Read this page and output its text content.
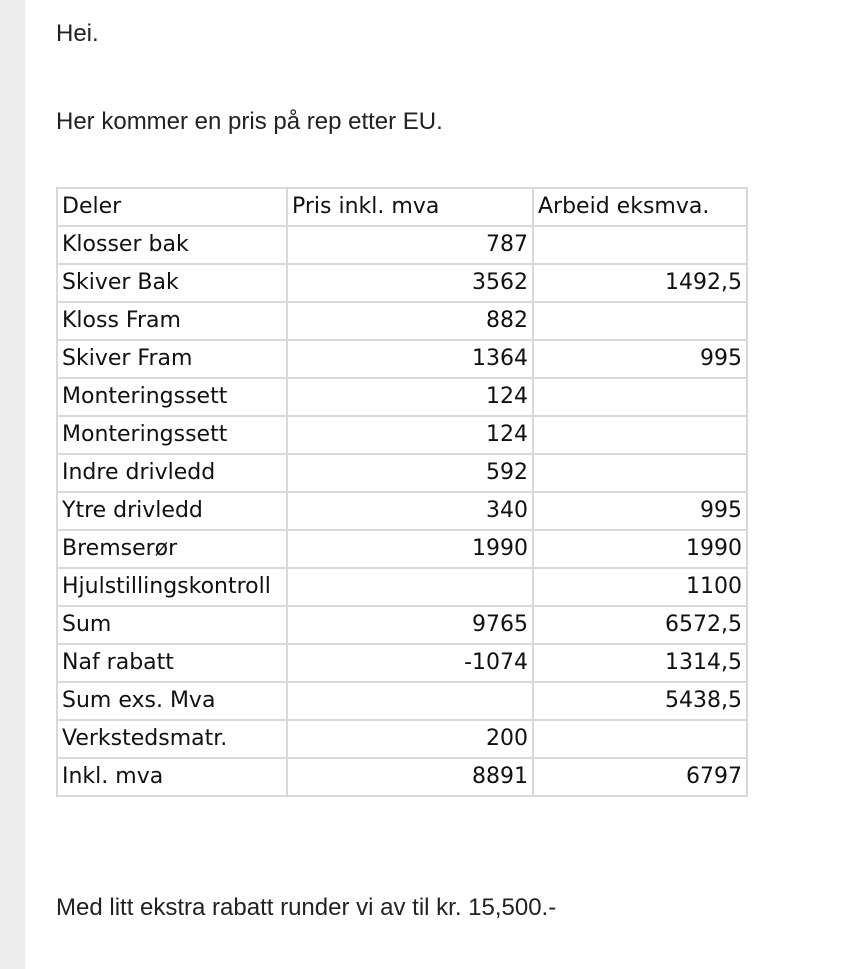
Hei.
Her kommer en pris på rep etter EU.
Deler	Pris inkl. mva	Arbeid eksmva.
Klosser bak	787	
Skiver Bak	3562	1492,5
Kloss Fram	882	
Skiver Fram	1364	995
Monteringssett	124	
Monteringssett	124	
Indre drivledd	592	
Ytre drivledd	340	995
Bremserør	1990	1990

Hjulstillingskontroll		1100
Sum	9765	6572,5
Naf rabatt	-1074	1314,5

Sum exs. Mva		5438,5
Verkstedsmatr.	200	
Inkl. mva	8891	6797
Med litt ekstra rabatt runder vi av til kr. 15,500.-
